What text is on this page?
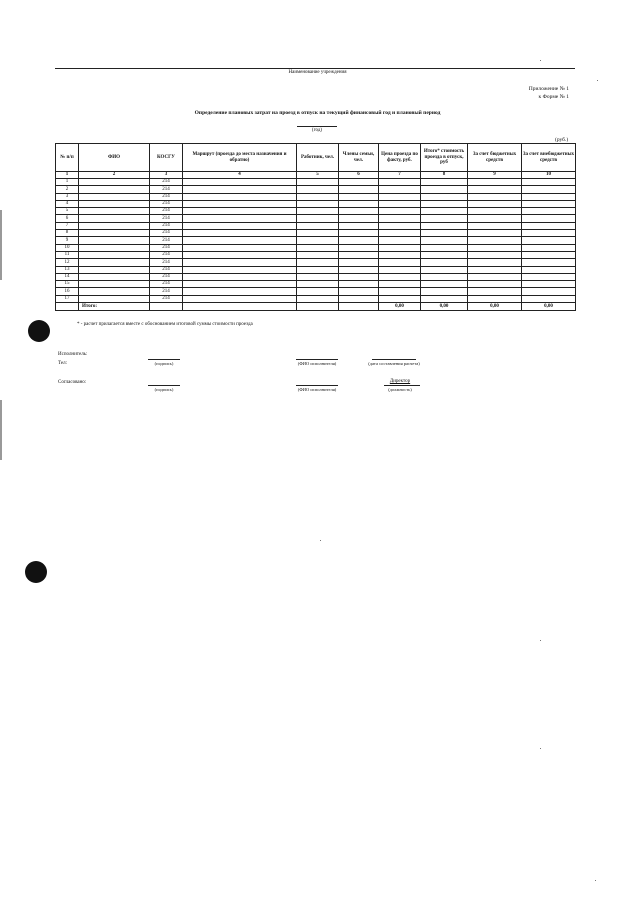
Наименование учреждения
Приложение № 1
к Форме № 1
Определение плановых затрат на проезд в отпуск на текущий финансовый год и плановый период
(год)
(руб.)
№ п/п	ФИО	КОСГУ	Маршрут (проезда до места назначения и обратно)	Работник, чел.	Члены семьи, чел.	Цена проезда по факту, руб.	Итого* стоимость проезда в отпуск, руб	За счет бюджетных средств	За счет внебюджетных средств
1	2	3	4	5	6	7	8	9	10
1		214							
2		214							
3		214							
4		214							
5		214							
6		214							
7		214							
8		214							
9		214							
10		214							
11		214							
12		214							
13		214							
14		214							
15		214							
16		214							
17		214							
	Итого:					0,00	0,00	0,00	0,00
* - расчет прилагается вместе с обоснованием итоговой суммы стоимости проезда
Исполнитель:
Тел:	(подпись)	(ФИО исполнителя)	(дата составления расчета)
Согласовано:
(подпись)	(ФИО исполнителя)
Директор
(должность)
